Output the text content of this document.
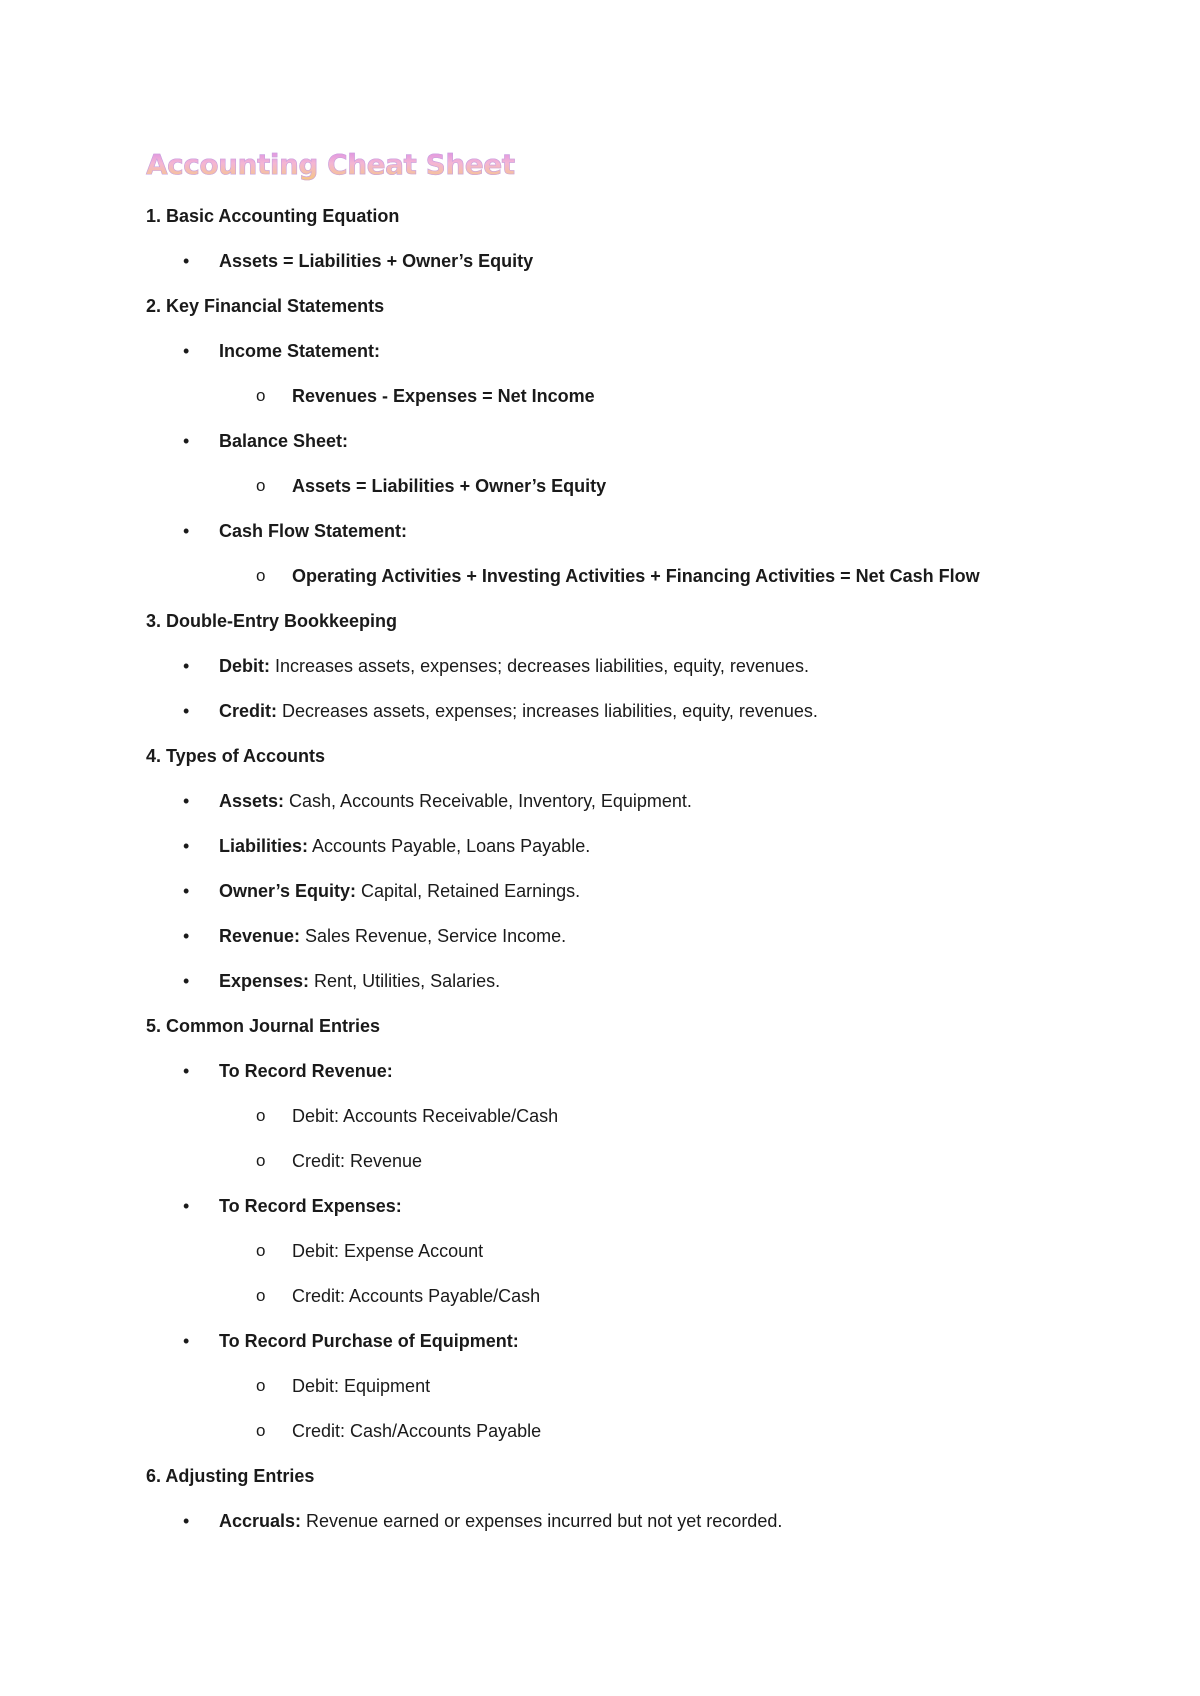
Accounting Cheat Sheet
1. Basic Accounting Equation
• Assets = Liabilities + Owner’s Equity
2. Key Financial Statements
• Income Statement:
o Revenues - Expenses = Net Income
• Balance Sheet:
o Assets = Liabilities + Owner’s Equity
• Cash Flow Statement:
o Operating Activities + Investing Activities + Financing Activities = Net Cash Flow
3. Double-Entry Bookkeeping
• Debit: Increases assets, expenses; decreases liabilities, equity, revenues.
• Credit: Decreases assets, expenses; increases liabilities, equity, revenues.
4. Types of Accounts
• Assets: Cash, Accounts Receivable, Inventory, Equipment.
• Liabilities: Accounts Payable, Loans Payable.
• Owner’s Equity: Capital, Retained Earnings.
• Revenue: Sales Revenue, Service Income.
• Expenses: Rent, Utilities, Salaries.
5. Common Journal Entries
• To Record Revenue:
o Debit: Accounts Receivable/Cash
o Credit: Revenue
• To Record Expenses:
o Debit: Expense Account
o Credit: Accounts Payable/Cash
• To Record Purchase of Equipment:
o Debit: Equipment
o Credit: Cash/Accounts Payable
6. Adjusting Entries
• Accruals: Revenue earned or expenses incurred but not yet recorded.
